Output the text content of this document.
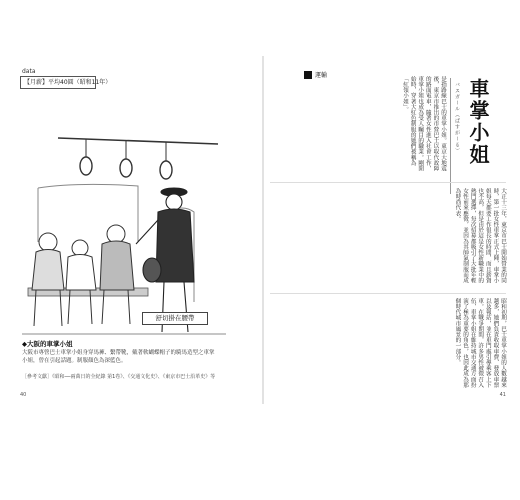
data
【月薪】平均40圓（昭和11年）
舒切掛在腰帶
◆大阪的車掌小姐
大阪市專營巴士車掌小姐身穿馬褲、繫帶靴，戴著軟蝴蝶帽子的騎馬造型之車掌小姐，曾在引起話題。制服顏色為深藍色。
［參考文獻］《昭和──兩萬日的全紀錄 第1卷》、《交通文化史》、《東京市巴士沿革史》等
40
運輸
車掌小姐
バスガール（ばすがーる）
是指路線巴士的車掌小姐。東京大地震後，東京市推出的市營巴士以取代故障的路面電車，隨著女性進入社會工作，車掌小姐也成為受人矚目的職業。剛開始時，穿著大紅色制服的她們被稱為「紅領小姐」。
大正十三年，東京市巴士開始營業的同時，第一批女性車掌正式上陣，車掌小姐每天都要工作很長的時間，而且薪資也不高，但是由於這是女性新職業中的熱門選擇，每次招募都吸引了大批年輕女性前來應徵，並因為其帥氣制服而成為時尚代表。
昭和初期，巴士車掌小姐的人數越來越多，她們負責收取車費、發放車票以及報站，並在車門處引導乘客上下車。在戰爭期間，許多男性被徵召入伍，車掌小姐在維持城市交通方面扮演了極為重要的角色，也因此成為那個時代城市風景的一部分。
41
